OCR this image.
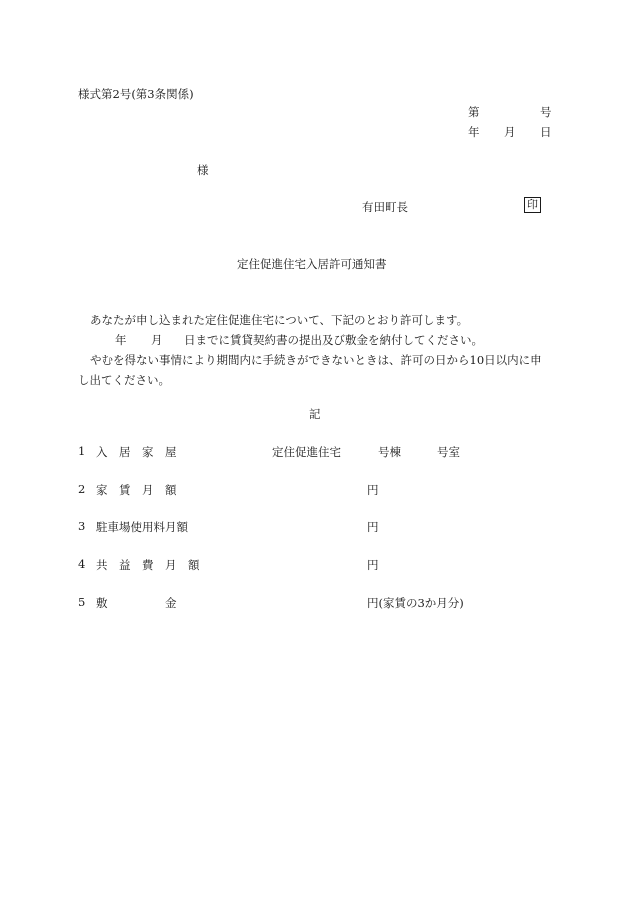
様式第2号(第3条関係)
第	号
年 月 日
様
有田町長	印
定住促進住宅入居許可通知書
あなたが申し込まれた定住促進住宅について、下記のとおり許可します。
年 月 日までに賃貸契約書の提出及び敷金を納付してください。
やむを得ない事情により期間内に手続きができないときは、許可の日から10日以内に申
し出てください。
記
1 入　居　家　屋	定住促進住宅	号棟	号室
2 家　賃　月　額	円
3 駐車場使用料月額	円
4 共　益　費　月　額	円
5 敷　　　　　金	円(家賃の3か月分)
